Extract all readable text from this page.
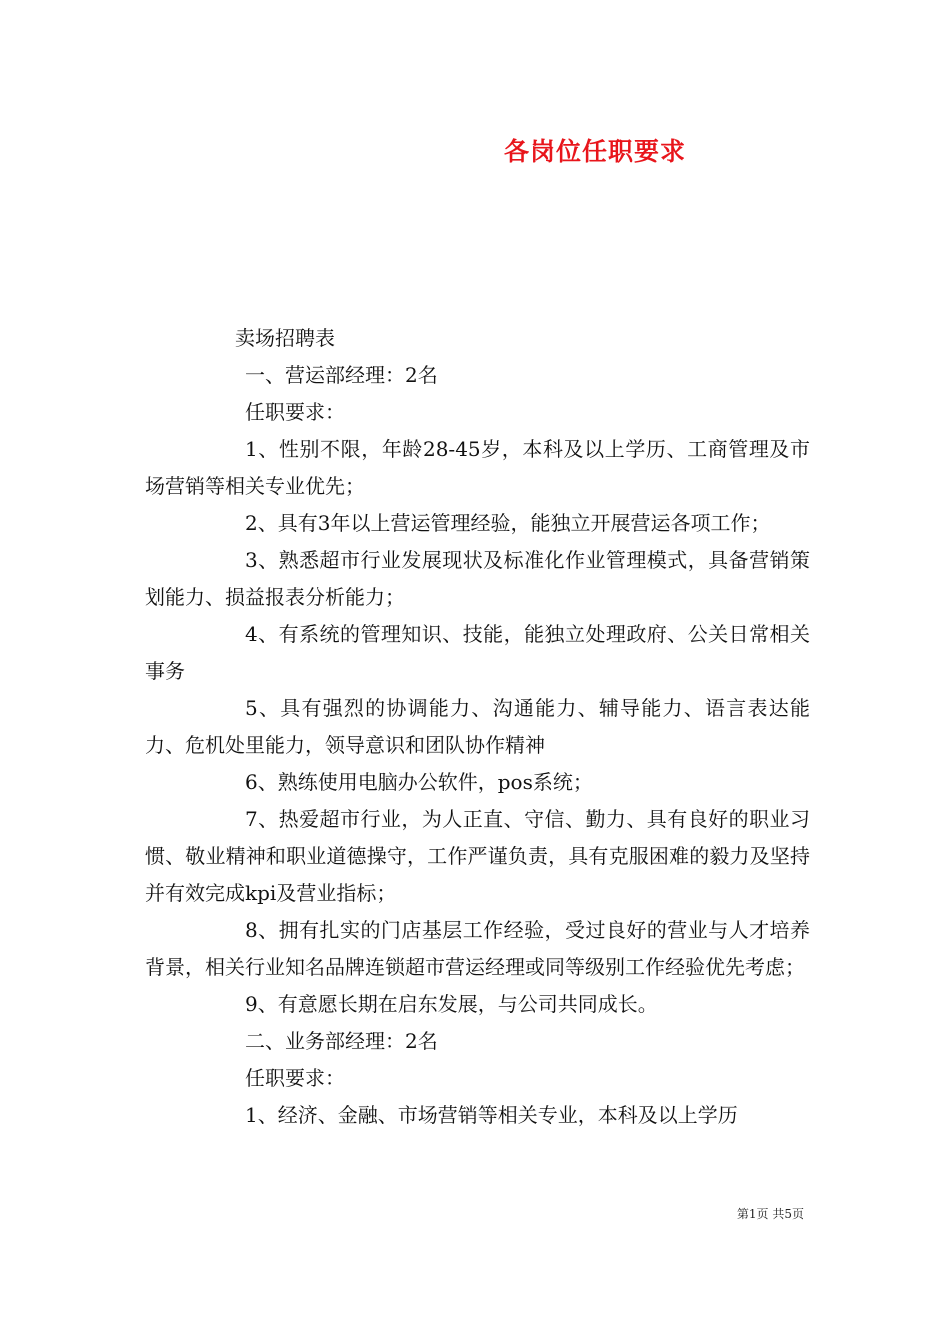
各岗位任职要求

卖场招聘表

一、营运部经理：2名

任职要求：

1、性别不限，年龄28-45岁，本科及以上学历、工商管理及市场营销等相关专业优先；

2、具有3年以上营运管理经验，能独立开展营运各项工作；

3、熟悉超市行业发展现状及标准化作业管理模式，具备营销策划能力、损益报表分析能力；

4、有系统的管理知识、技能，能独立处理政府、公关日常相关事务

5、具有强烈的协调能力、沟通能力、辅导能力、语言表达能力、危机处里能力，领导意识和团队协作精神

6、熟练使用电脑办公软件，pos系统；

7、热爱超市行业，为人正直、守信、勤力、具有良好的职业习惯、敬业精神和职业道德操守，工作严谨负责，具有克服困难的毅力及坚持并有效完成kpi及营业指标；

8、拥有扎实的门店基层工作经验，受过良好的营业与人才培养背景，相关行业知名品牌连锁超市营运经理或同等级别工作经验优先考虑；

9、有意愿长期在启东发展，与公司共同成长。

二、业务部经理：2名

任职要求：

1、经济、金融、市场营销等相关专业，本科及以上学历

第1页 共5页
